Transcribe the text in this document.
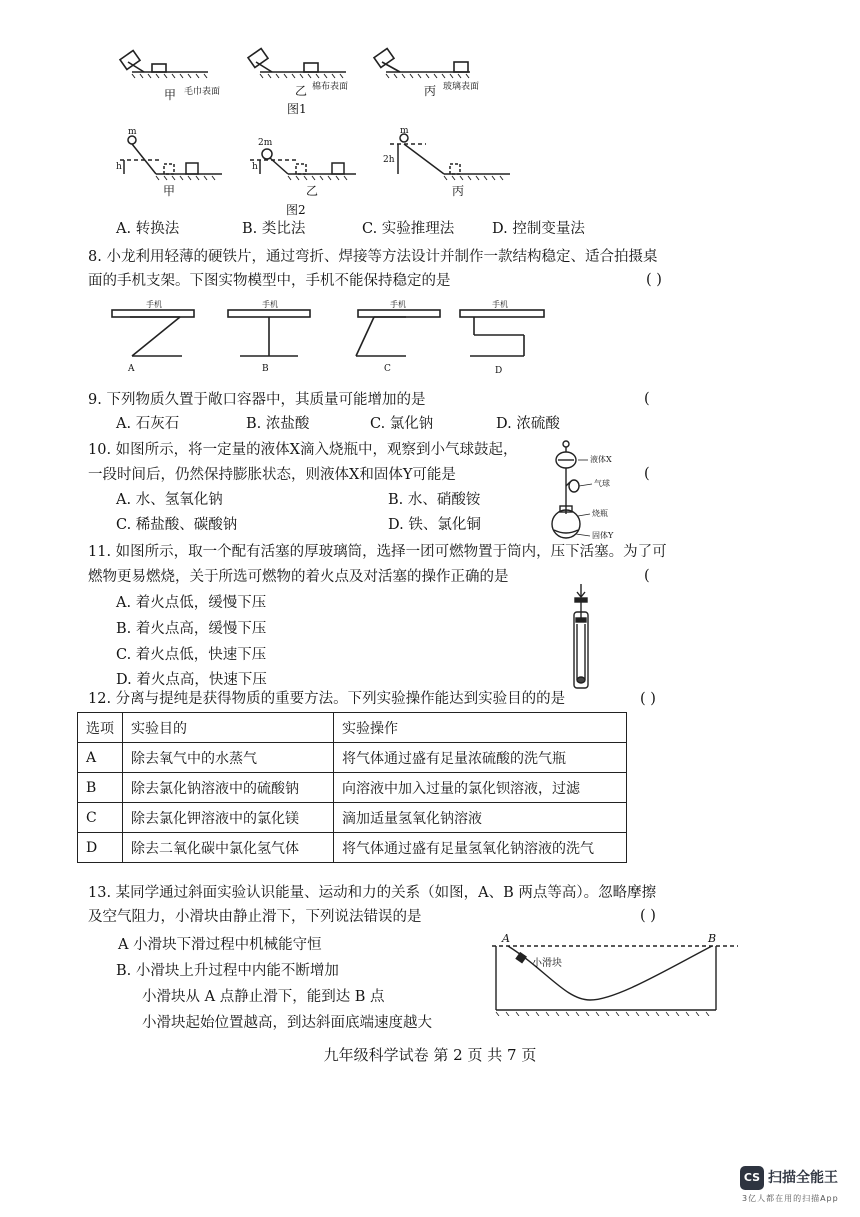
甲 毛巾表面	乙 棉布表面	丙 玻璃表面
图1
m
h
甲
2m
h
乙
m
2h
丙
图2
A. 转换法	B. 类比法	C. 实验推理法	D. 控制变量法
8. 小龙利用轻薄的硬铁片，通过弯折、焊接等方法设计并制作一款结构稳定、适合拍摄桌
面的手机支架。下图实物模型中，手机不能保持稳定的是	( )
手机	手机	手机	手机
A	B	C	D
9. 下列物质久置于敞口容器中，其质量可能增加的是	(
A. 石灰石	B. 浓盐酸	C. 氯化钠	D. 浓硫酸
10. 如图所示，将一定量的液体X滴入烧瓶中，观察到小气球鼓起，
一段时间后，仍然保持膨胀状态，则液体X和固体Y可能是	(
A. 水、氢氧化钠	B. 水、硝酸铵
C. 稀盐酸、碳酸钠	D. 铁、氯化铜
液体X
气球
烧瓶
固体Y
11. 如图所示，取一个配有活塞的厚玻璃筒，选择一团可燃物置于筒内，压下活塞。为了可
燃物更易燃烧，关于所选可燃物的着火点及对活塞的操作正确的是	(
A. 着火点低，缓慢下压
B. 着火点高，缓慢下压
C. 着火点低，快速下压
D. 着火点高，快速下压
12. 分离与提纯是获得物质的重要方法。下列实验操作能达到实验目的的是	( )
选项	实验目的	实验操作
A	除去氧气中的水蒸气	将气体通过盛有足量浓硫酸的洗气瓶
B	除去氯化钠溶液中的硫酸钠	向溶液中加入过量的氯化钡溶液，过滤
C	除去氯化钾溶液中的氯化镁	滴加适量氢氧化钠溶液
D	除去二氧化碳中氯化氢气体	将气体通过盛有足量氢氧化钠溶液的洗气
13. 某同学通过斜面实验认识能量、运动和力的关系（如图，A、B 两点等高）。忽略摩擦
及空气阻力，小滑块由静止滑下，下列说法错误的是	( )
A 小滑块下滑过程中机械能守恒
B. 小滑块上升过程中内能不断增加
小滑块从 A 点静止滑下，能到达 B 点
小滑块起始位置越高，到达斜面底端速度越大
A	B
小滑块
九年级科学试卷 第 2 页 共 7 页
CS 扫描全能王
3亿人都在用的扫描App
